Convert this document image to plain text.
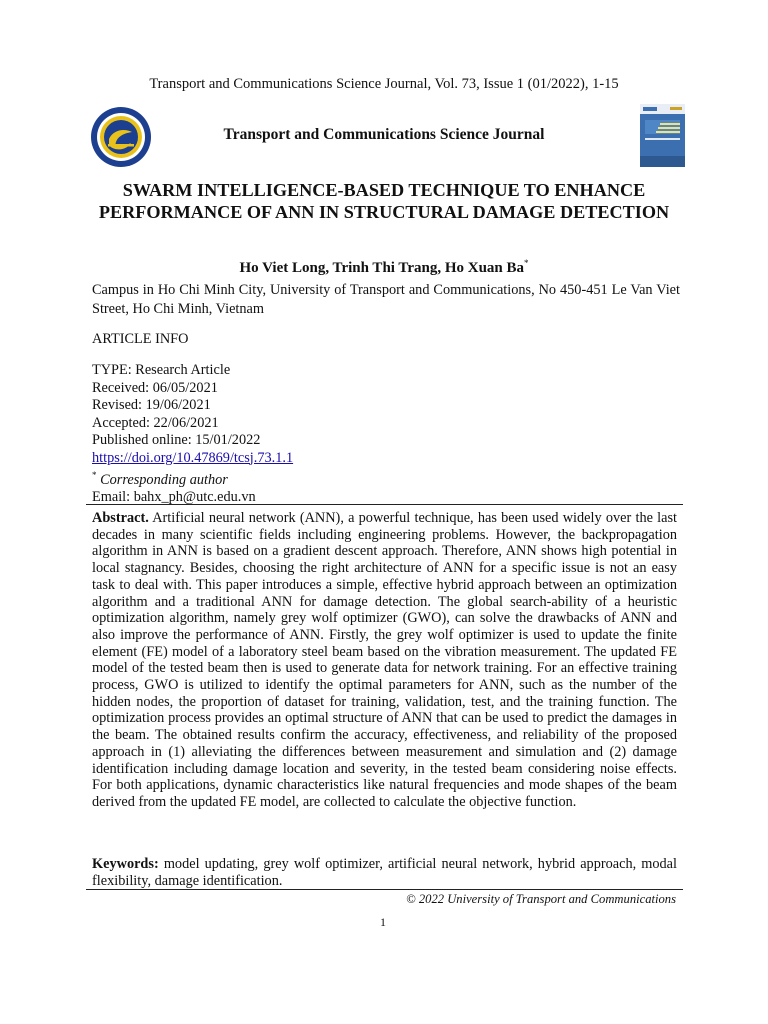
Transport and Communications Science Journal, Vol. 73, Issue 1 (01/2022), 1-15
Transport and Communications Science Journal
SWARM INTELLIGENCE-BASED TECHNIQUE TO ENHANCE PERFORMANCE OF ANN IN STRUCTURAL DAMAGE DETECTION
Ho Viet Long, Trinh Thi Trang, Ho Xuan Ba*
Campus in Ho Chi Minh City, University of Transport and Communications, No 450-451 Le Van Viet Street, Ho Chi Minh, Vietnam
ARTICLE INFO
TYPE: Research Article
Received: 06/05/2021
Revised: 19/06/2021
Accepted: 22/06/2021
Published online: 15/01/2022
https://doi.org/10.47869/tcsj.73.1.1
* Corresponding author
Email: bahx_ph@utc.edu.vn
Abstract. Artificial neural network (ANN), a powerful technique, has been used widely over the last decades in many scientific fields including engineering problems. However, the backpropagation algorithm in ANN is based on a gradient descent approach. Therefore, ANN shows high potential in local stagnancy. Besides, choosing the right architecture of ANN for a specific issue is not an easy task to deal with. This paper introduces a simple, effective hybrid approach between an optimization algorithm and a traditional ANN for damage detection. The global search-ability of a heuristic optimization algorithm, namely grey wolf optimizer (GWO), can solve the drawbacks of ANN and also improve the performance of ANN. Firstly, the grey wolf optimizer is used to update the finite element (FE) model of a laboratory steel beam based on the vibration measurement. The updated FE model of the tested beam then is used to generate data for network training. For an effective training process, GWO is utilized to identify the optimal parameters for ANN, such as the number of the hidden nodes, the proportion of dataset for training, validation, test, and the training function. The optimization process provides an optimal structure of ANN that can be used to predict the damages in the beam. The obtained results confirm the accuracy, effectiveness, and reliability of the proposed approach in (1) alleviating the differences between measurement and simulation and (2) damage identification including damage location and severity, in the tested beam considering noise effects. For both applications, dynamic characteristics like natural frequencies and mode shapes of the beam derived from the updated FE model, are collected to calculate the objective function.
Keywords: model updating, grey wolf optimizer, artificial neural network, hybrid approach, modal flexibility, damage identification.
© 2022 University of Transport and Communications
1
